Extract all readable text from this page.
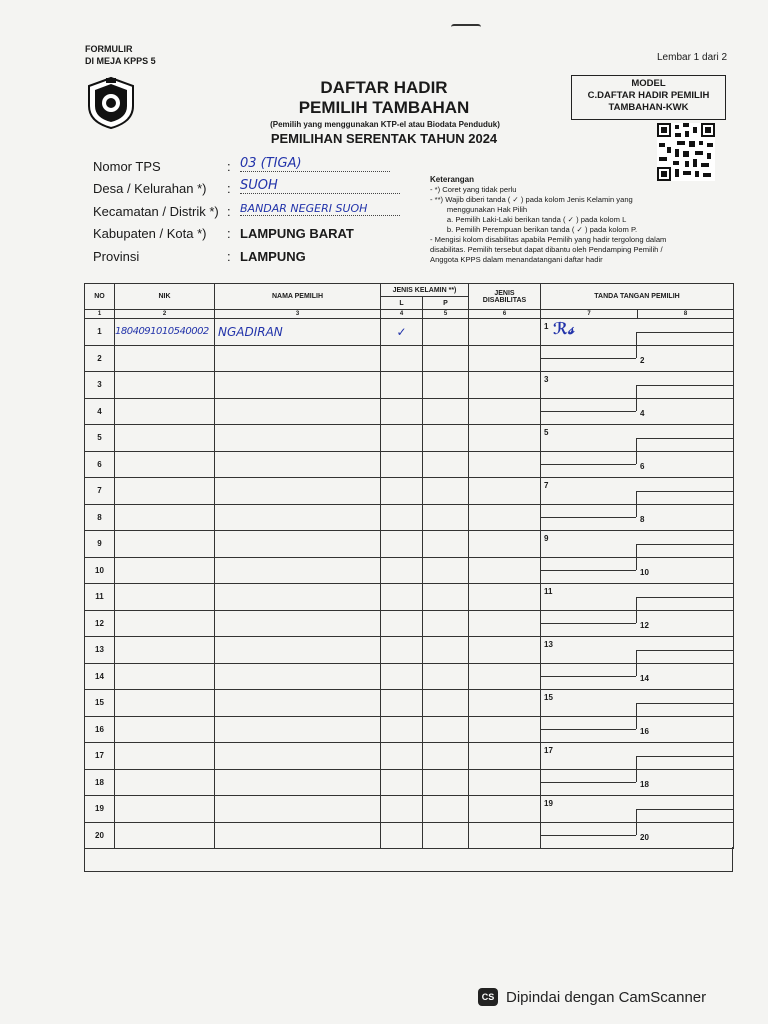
FORMULIR
DI MEJA KPPS 5	Lembar 1 dari 2
MODEL
C.DAFTAR HADIR PEMILIH
TAMBAHAN-KWK
DAFTAR HADIR
PEMILIH TAMBAHAN
(Pemilih yang menggunakan KTP-el atau Biodata Penduduk)
PEMILIHAN SERENTAK TAHUN 2024
Nomor TPS	: 03 (TIGA)
Desa / Kelurahan *) : SUOH
Kecamatan / Distrik *) : BANDAR NEGERI SUOH
Kabupaten / Kota *) : LAMPUNG BARAT
Provinsi	: LAMPUNG
Keterangan
- *) Coret yang tidak perlu
- **) Wajib diberi tanda ( ✓ ) pada kolom Jenis Kelamin yang
menggunakan Hak Pilih
a. Pemilih Laki-Laki berikan tanda ( ✓ ) pada kolom L
b. Pemilih Perempuan berikan tanda ( ✓ ) pada kolom P.
- Mengisi kolom disabilitas apabila Pemilih yang hadir tergolong dalam
disabilitas. Pemilih tersebut dapat dibantu oleh Pendamping Pemilih /
Anggota KPPS dalam menandatangani daftar hadir
NO	NIK	NAMA PEMILIH	JENIS KELAMIN **)		JENIS
DISABILITAS	TANDA TANGAN PEMILIH	
			L	P			
1	2	3	4	5	6	7	8
1	1804091010540002	NGADIRAN	✓			1 ℛ𝓈	

2						2	

3						3	

4						4	

5						5	

6						6	

7						7	

8						8	

9						9	

10						10	

11						11	

12						12	

13						13	

14						14	

15						15	

16						16	

17						17	

18						18	

19						19	

20						20	
CS Dipindai dengan CamScanner
